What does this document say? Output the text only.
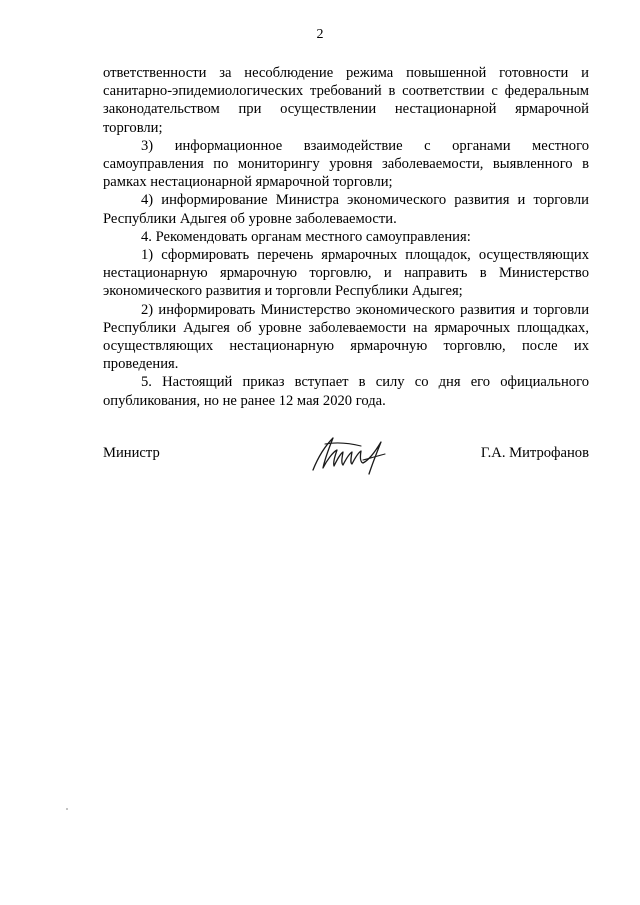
2

ответственности за несоблюдение режима повышенной готовности и санитарно-эпидемиологических требований в соответствии с федеральным законодательством при осуществлении нестационарной ярмарочной торговли;

3) информационное взаимодействие с органами местного самоуправления по мониторингу уровня заболеваемости, выявленного в рамках нестационарной ярмарочной торговли;

4) информирование Министра экономического развития и торговли Республики Адыгея об уровне заболеваемости.

4. Рекомендовать органам местного самоуправления:

1) сформировать перечень ярмарочных площадок, осуществляющих нестационарную ярмарочную торговлю, и направить в Министерство экономического развития и торговли Республики Адыгея;

2) информировать Министерство экономического развития и торговли Республики Адыгея об уровне заболеваемости на ярмарочных площадках, осуществляющих нестационарную ярмарочную торговлю, после их проведения.

5. Настоящий приказ вступает в силу со дня его официального опубликования, но не ранее 12 мая 2020 года.

Министр	Г.А. Митрофанов
